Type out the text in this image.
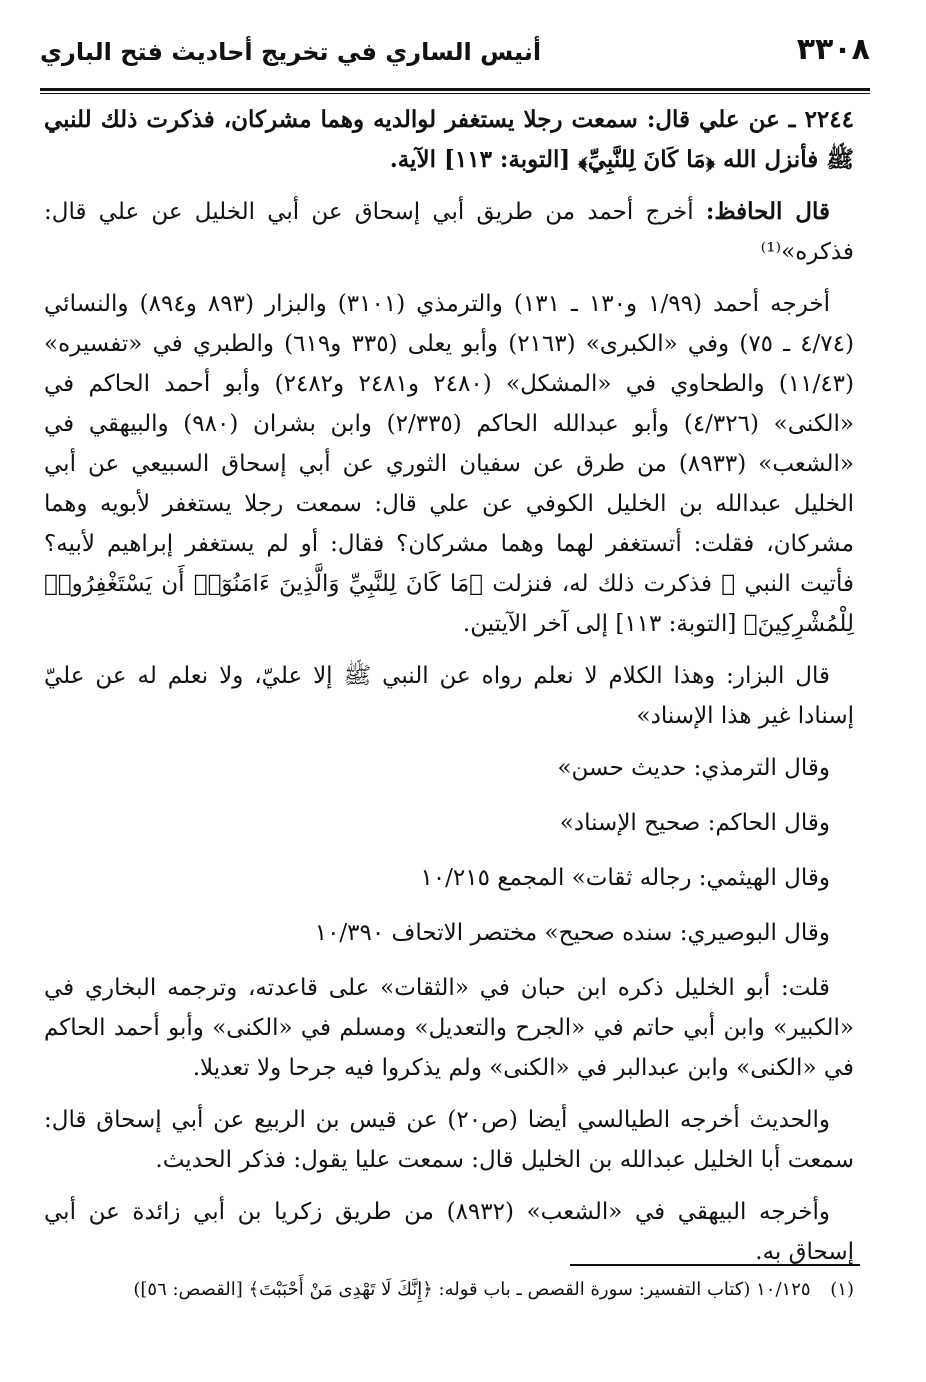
٣٣٠٨
أنيس الساري في تخريج أحاديث فتح الباري

٢٢٤٤ ـ عن علي قال: سمعت رجلا يستغفر لوالديه وهما مشركان، فذكرت ذلك للنبي ﷺ فأنزل الله ﴿مَا كَانَ لِلنَّبِيِّ﴾ [التوبة: ١١٣] الآية.

قال الحافظ: أخرج أحمد من طريق أبي إسحاق عن أبي الخليل عن علي قال: فذكره»⁽¹⁾

أخرجه أحمد (١/٩٩ و١٣٠ ـ ١٣١) والترمذي (٣١٠١) والبزار (٨٩٣ و٨٩٤) والنسائي (٤/٧٤ ـ ٧٥) وفي «الكبرى» (٢١٦٣) وأبو يعلى (٣٣٥ و٦١٩) والطبري في «تفسيره» (١١/٤٣) والطحاوي في «المشكل» (٢٤٨٠ و٢٤٨١ و٢٤٨٢) وأبو أحمد الحاكم في «الكنى» (٤/٣٢٦) وأبو عبدالله الحاكم (٢/٣٣٥) وابن بشران (٩٨٠) والبيهقي في «الشعب» (٨٩٣٣) من طرق عن سفيان الثوري عن أبي إسحاق السبيعي عن أبي الخليل عبدالله بن الخليل الكوفي عن علي قال: سمعت رجلا يستغفر لأبويه وهما مشركان، فقلت: أتستغفر لهما وهما مشركان؟ فقال: أو لم يستغفر إبراهيم لأبيه؟ فأتيت النبي ﷺ فذكرت ذلك له، فنزلت ﴿مَا كَانَ لِلنَّبِيِّ وَالَّذِينَ ءَامَنُوٓا۟ أَن يَسْتَغْفِرُوا۟ لِلْمُشْرِكِينَ﴾ [التوبة: ١١٣] إلى آخر الآيتين.

قال البزار: وهذا الكلام لا نعلم رواه عن النبي ﷺ إلا عليّ، ولا نعلم له عن عليّ إسنادا غير هذا الإسناد»

وقال الترمذي: حديث حسن»

وقال الحاكم: صحيح الإسناد»

وقال الهيثمي: رجاله ثقات» المجمع ١٠/٢١٥

وقال البوصيري: سنده صحيح» مختصر الاتحاف ١٠/٣٩٠

قلت: أبو الخليل ذكره ابن حبان في «الثقات» على قاعدته، وترجمه البخاري في «الكبير» وابن أبي حاتم في «الجرح والتعديل» ومسلم في «الكنى» وأبو أحمد الحاكم في «الكنى» وابن عبدالبر في «الكنى» ولم يذكروا فيه جرحا ولا تعديلا.

والحديث أخرجه الطيالسي أيضا (ص٢٠) عن قيس بن الربيع عن أبي إسحاق قال: سمعت أبا الخليل عبدالله بن الخليل قال: سمعت عليا يقول: فذكر الحديث.

وأخرجه البيهقي في «الشعب» (٨٩٣٢) من طريق زكريا بن أبي زائدة عن أبي إسحاق به.

(١) ١٠/١٢٥ (كتاب التفسير: سورة القصص ـ باب قوله: ﴿إِنَّكَ لَا تَهْدِى مَنْ أَحْبَبْتَ﴾ [القصص: ٥٦])
